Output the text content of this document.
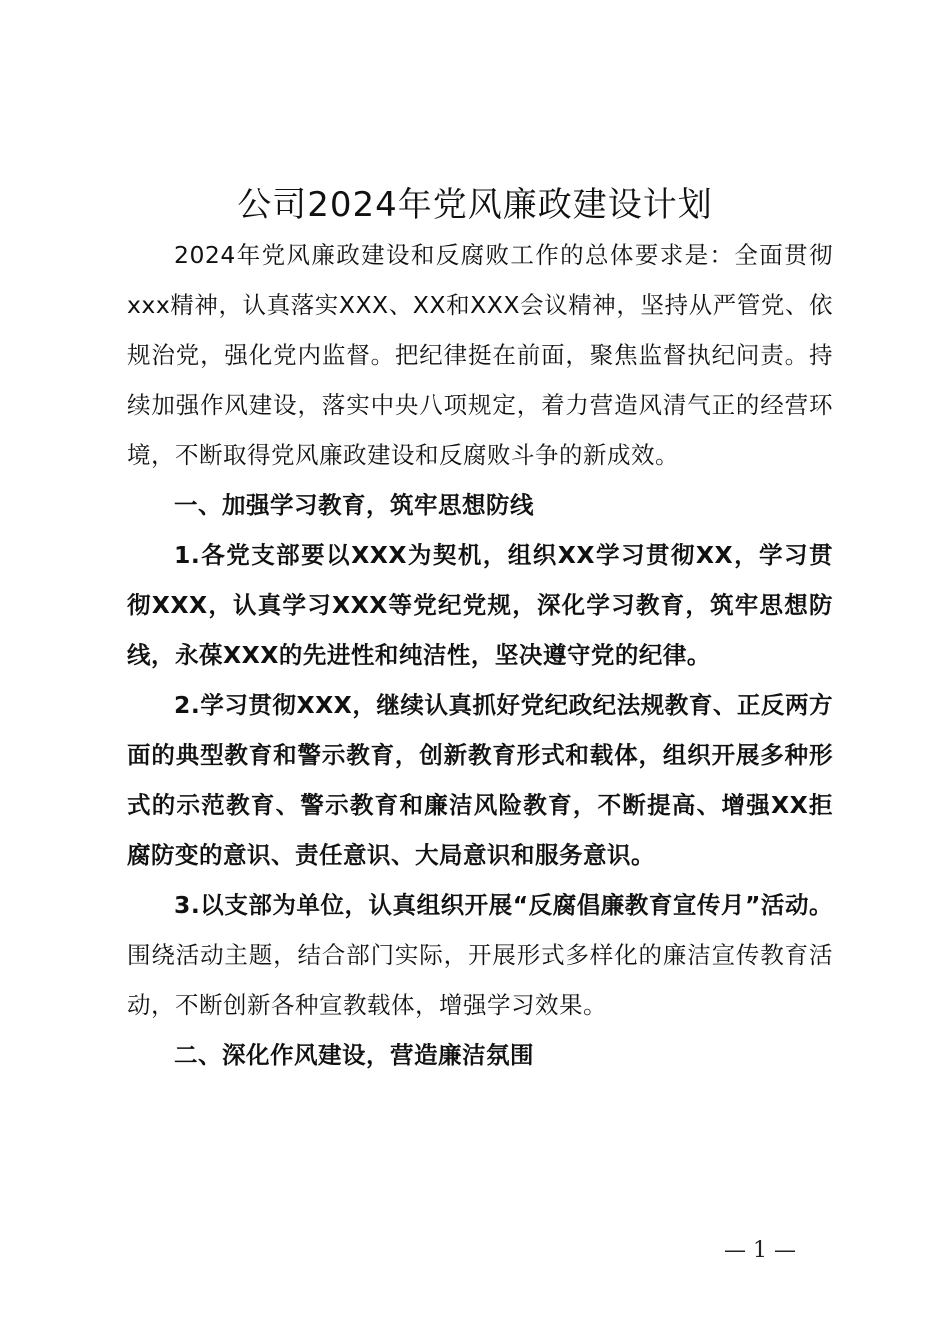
公司2024年党风廉政建设计划

2024年党风廉政建设和反腐败工作的总体要求是：全面贯彻xxx精神，认真落实XXX、XX和XXX会议精神，坚持从严管党、依规治党，强化党内监督。把纪律挺在前面，聚焦监督执纪问责。持续加强作风建设，落实中央八项规定，着力营造风清气正的经营环境，不断取得党风廉政建设和反腐败斗争的新成效。

一、加强学习教育，筑牢思想防线

1.各党支部要以XXX为契机，组织XX学习贯彻XX，学习贯彻XXX，认真学习XXX等党纪党规，深化学习教育，筑牢思想防线，永葆XXX的先进性和纯洁性，坚决遵守党的纪律。

2.学习贯彻XXX，继续认真抓好党纪政纪法规教育、正反两方面的典型教育和警示教育，创新教育形式和载体，组织开展多种形式的示范教育、警示教育和廉洁风险教育，不断提高、增强XX拒腐防变的意识、责任意识、大局意识和服务意识。

3.以支部为单位，认真组织开展“反腐倡廉教育宣传月”活动。围绕活动主题，结合部门实际，开展形式多样化的廉洁宣传教育活动，不断创新各种宣教载体，增强学习效果。

二、深化作风建设，营造廉洁氛围

— 1 —
